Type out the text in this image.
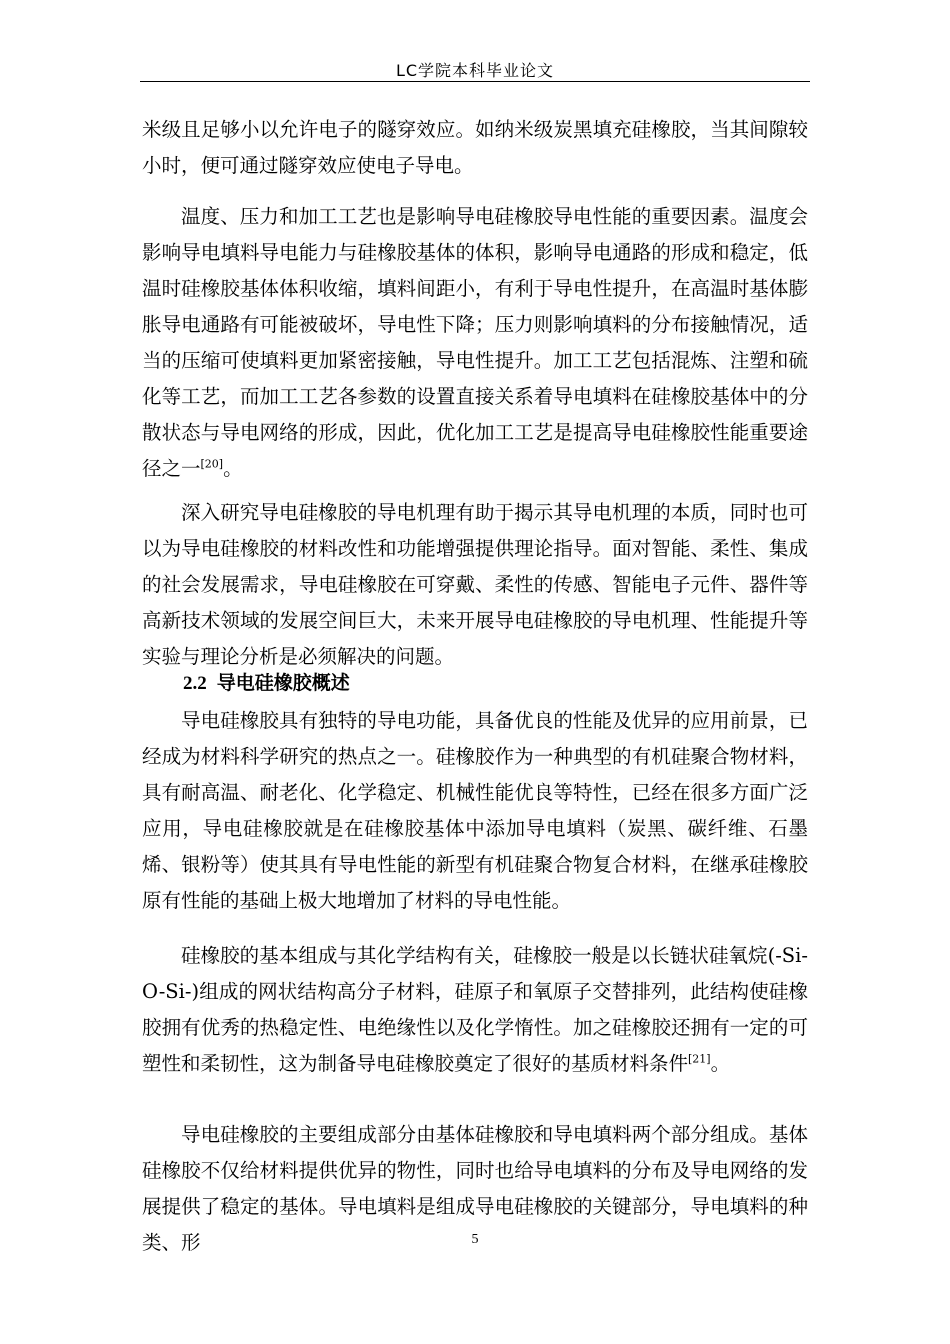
LC学院本科毕业论文

米级且足够小以允许电子的隧穿效应。如纳米级炭黑填充硅橡胶，当其间隙较小时，便可通过隧穿效应使电子导电。

温度、压力和加工工艺也是影响导电硅橡胶导电性能的重要因素。温度会影响导电填料导电能力与硅橡胶基体的体积，影响导电通路的形成和稳定，低温时硅橡胶基体体积收缩，填料间距小，有利于导电性提升，在高温时基体膨胀导电通路有可能被破坏，导电性下降；压力则影响填料的分布接触情况，适当的压缩可使填料更加紧密接触，导电性提升。加工工艺包括混炼、注塑和硫化等工艺，而加工工艺各参数的设置直接关系着导电填料在硅橡胶基体中的分散状态与导电网络的形成，因此，优化加工工艺是提高导电硅橡胶性能重要途径之一[20]。

深入研究导电硅橡胶的导电机理有助于揭示其导电机理的本质，同时也可以为导电硅橡胶的材料改性和功能增强提供理论指导。面对智能、柔性、集成的社会发展需求，导电硅橡胶在可穿戴、柔性的传感、智能电子元件、器件等高新技术领域的发展空间巨大，未来开展导电硅橡胶的导电机理、性能提升等实验与理论分析是必须解决的问题。

2.2 导电硅橡胶概述

导电硅橡胶具有独特的导电功能，具备优良的性能及优异的应用前景，已经成为材料科学研究的热点之一。硅橡胶作为一种典型的有机硅聚合物材料，具有耐高温、耐老化、化学稳定、机械性能优良等特性，已经在很多方面广泛应用，导电硅橡胶就是在硅橡胶基体中添加导电填料（炭黑、碳纤维、石墨烯、银粉等）使其具有导电性能的新型有机硅聚合物复合材料，在继承硅橡胶原有性能的基础上极大地增加了材料的导电性能。

硅橡胶的基本组成与其化学结构有关，硅橡胶一般是以长链状硅氧烷(-Si-O-Si-)组成的网状结构高分子材料，硅原子和氧原子交替排列，此结构使硅橡胶拥有优秀的热稳定性、电绝缘性以及化学惰性。加之硅橡胶还拥有一定的可塑性和柔韧性，这为制备导电硅橡胶奠定了很好的基质材料条件[21]。

导电硅橡胶的主要组成部分由基体硅橡胶和导电填料两个部分组成。基体硅橡胶不仅给材料提供优异的物性，同时也给导电填料的分布及导电网络的发展提供了稳定的基体。导电填料是组成导电硅橡胶的关键部分，导电填料的种类、形	5
